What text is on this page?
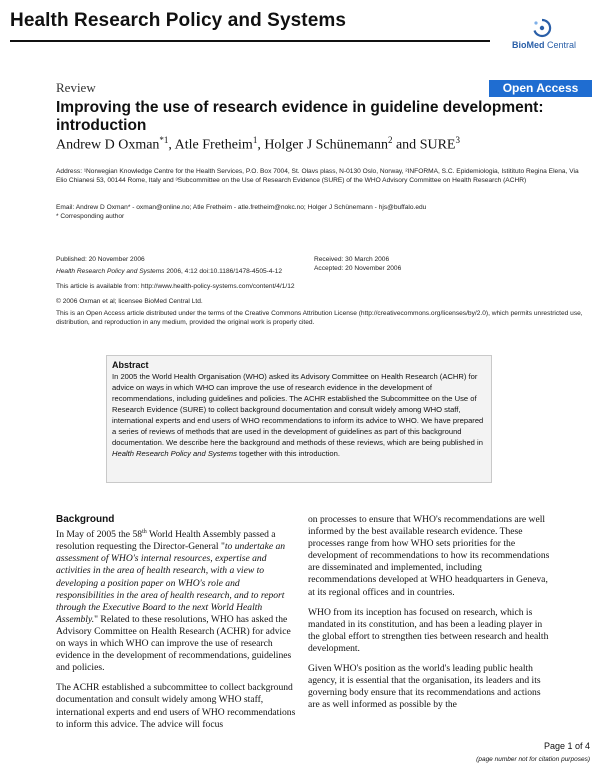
Health Research Policy and Systems
BioMed Central
Review	Open Access
Improving the use of research evidence in guideline development: introduction
Andrew D Oxman$^{*1}$, Atle Fretheim$^1$, Holger J Schünemann$^2$ and SURE$^3$
Address: ¹Norwegian Knowledge Centre for the Health Services, P.O. Box 7004, St. Olavs plass, N-0130 Oslo, Norway, ²INFORMA, S.C. Epidemiologia, Istitituto Regina Elena, Via Elio Chianesi 53, 00144 Rome, Italy and ³Subcommittee on the Use of Research Evidence (SURE) of the WHO Advisory Committee on Health Research (ACHR)
Email: Andrew D Oxman* - oxman@online.no; Atle Fretheim - atle.fretheim@nokc.no; Holger J Schünemann - hjs@buffalo.edu
* Corresponding author
Published: 20 November 2006
Health Research Policy and Systems 2006, 4:12 doi:10.1186/1478-4505-4-12
Received: 30 March 2006
Accepted: 20 November 2006
This article is available from: http://www.health-policy-systems.com/content/4/1/12
© 2006 Oxman et al; licensee BioMed Central Ltd.
This is an Open Access article distributed under the terms of the Creative Commons Attribution License (http://creativecommons.org/licenses/by/2.0), which permits unrestricted use, distribution, and reproduction in any medium, provided the original work is properly cited.
Abstract
In 2005 the World Health Organisation (WHO) asked its Advisory Committee on Health Research (ACHR) for advice on ways in which WHO can improve the use of research evidence in the development of recommendations, including guidelines and policies. The ACHR established the Subcommittee on the Use of Research Evidence (SURE) to collect background documentation and consult widely among WHO staff, international experts and end users of WHO recommendations to inform its advice to WHO. We have prepared a series of reviews of methods that are used in the development of guidelines as part of this background documentation. We describe here the background and methods of these reviews, which are being published in Health Research Policy and Systems together with this introduction.
Background

In May of 2005 the 58th World Health Assembly passed a resolution requesting the Director-General "to undertake an assessment of WHO's internal resources, expertise and activities in the area of health research, with a view to developing a position paper on WHO's role and responsibilities in the area of health research, and to report through the Executive Board to the next World Health Assembly." Related to these resolutions, WHO has asked the Advisory Committee on Health Research (ACHR) for advice on ways in which WHO can improve the use of research evidence in the development of recommendations, guidelines and policies.

The ACHR established a subcommittee to collect background documentation and consult widely among WHO staff, international experts and end users of WHO recommendations to inform this advice. The advice will focus

on processes to ensure that WHO's recommendations are well informed by the best available research evidence. These processes range from how WHO sets priorities for the development of recommendations to how its recommendations are disseminated and implemented, including recommendations developed at WHO headquarters in Geneva, at its regional offices and in countries.

WHO from its inception has focused on research, which is mandated in its constitution, and has been a leading player in the global effort to strengthen ties between research and health development.

Given WHO's position as the world's leading public health agency, it is essential that the organisation, its leaders and its governing body ensure that its recommendations and actions are as well informed as possible by the

Page 1 of 4
(page number not for citation purposes)
